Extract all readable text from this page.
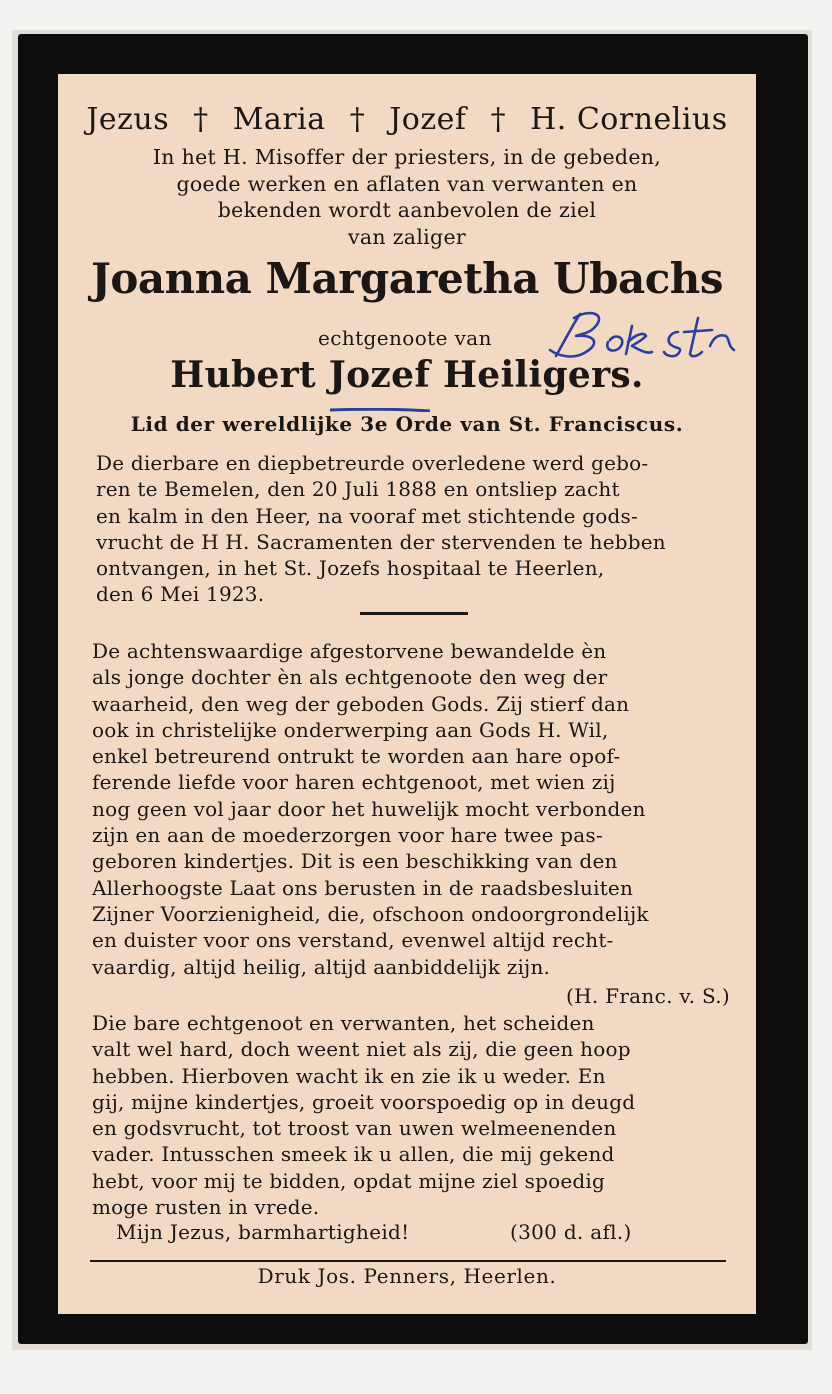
Jezus † Maria † Jozef † H. Cornelius
In het H. Misoffer der priesters, in de gebeden,
goede werken en aflaten van verwanten en
bekenden wordt aanbevolen de ziel
van zaliger
Joanna Margaretha Ubachs
echtgenoote van
Hubert Jozef Heiligers.
Lid der wereldlijke 3e Orde van St. Franciscus.
De dierbare en diepbetreurde overledene werd gebo-
ren te Bemelen, den 20 Juli 1888 en ontsliep zacht
en kalm in den Heer, na vooraf met stichtende gods-
vrucht de H H. Sacramenten der stervenden te hebben
ontvangen, in het St. Jozefs hospitaal te Heerlen,
den 6 Mei 1923.
De achtenswaardige afgestorvene bewandelde èn
als jonge dochter èn als echtgenoote den weg der
waarheid, den weg der geboden Gods. Zij stierf dan
ook in christelijke onderwerping aan Gods H. Wil,
enkel betreurend ontrukt te worden aan hare opof-
ferende liefde voor haren echtgenoot, met wien zij
nog geen vol jaar door het huwelijk mocht verbonden
zijn en aan de moederzorgen voor hare twee pas-
geboren kindertjes. Dit is een beschikking van den
Allerhoogste Laat ons berusten in de raadsbesluiten
Zijner Voorzienigheid, die, ofschoon ondoorgrondelijk
en duister voor ons verstand, evenwel altijd recht-
vaardig, altijd heilig, altijd aanbiddelijk zijn.
(H. Franc. v. S.)
Die bare echtgenoot en verwanten, het scheiden
valt wel hard, doch weent niet als zij, die geen hoop
hebben. Hierboven wacht ik en zie ik u weder. En
gij, mijne kindertjes, groeit voorspoedig op in deugd
en godsvrucht, tot troost van uwen welmeenenden
vader. Intusschen smeek ik u allen, die mij gekend
hebt, voor mij te bidden, opdat mijne ziel spoedig
moge rusten in vrede.
Mijn Jezus, barmhartigheid!	(300 d. afl.)
Druk Jos. Penners, Heerlen.
